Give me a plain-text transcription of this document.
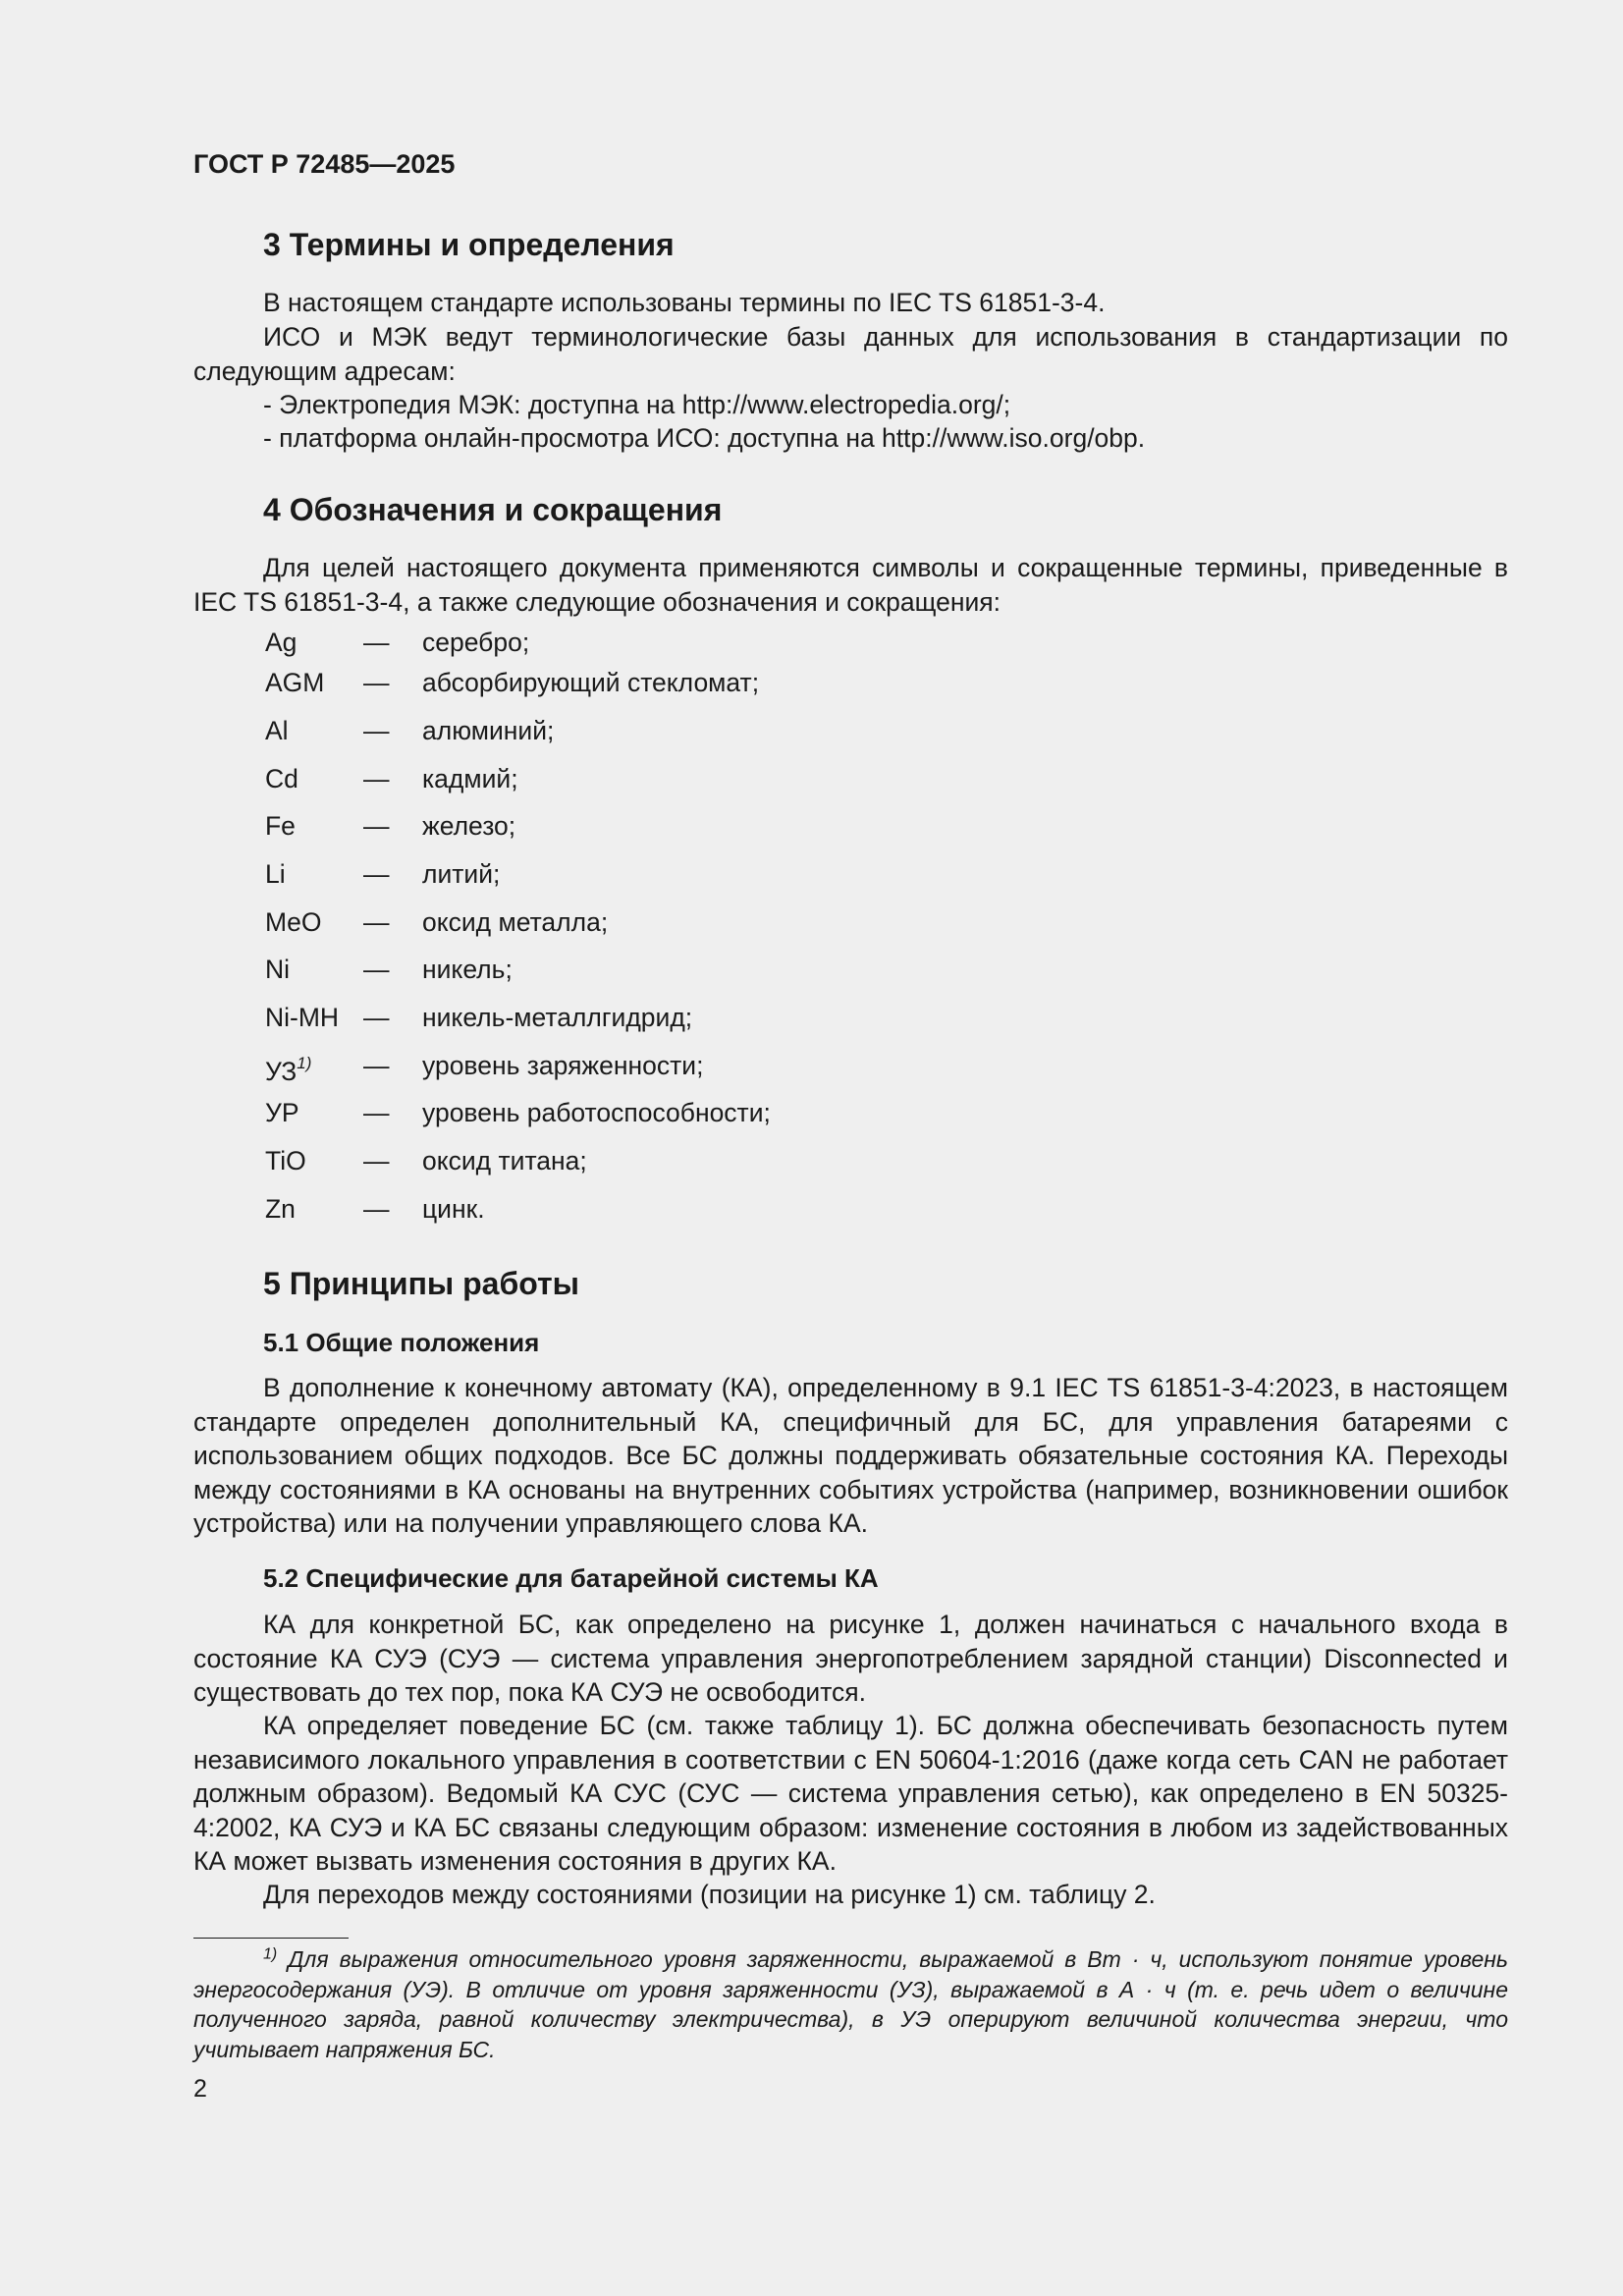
ГОСТ Р 72485—2025
3 Термины и определения

В настоящем стандарте использованы термины по IEC TS 61851-3-4.

ИСО и МЭК ведут терминологические базы данных для использования в стандартизации по следующим адресам:

- Электропедия МЭК: доступна на http://www.electropedia.org/;

- платформа онлайн-просмотра ИСО: доступна на http://www.iso.org/obp.

4 Обозначения и сокращения

Для целей настоящего документа применяются символы и сокращенные термины, приведенные в IEC TS 61851-3-4, а также следующие обозначения и сокращения:

Ag	— серебро;
AGM — абсорбирующий стекломат;
Al	— алюминий;
Cd — кадмий;
Fe	— железо;
Li	— литий;
MeO — оксид металла;
Ni	— никель;
Ni-MH — никель-металлгидрид;
УЗ$^{1)}$ — уровень заряженности;
УР — уровень работоспособности;
TiO — оксид титана;
Zn	— цинк.
5 Принципы работы
5.1 Общие положения

В дополнение к конечному автомату (КА), определенному в 9.1 IEC TS 61851-3-4:2023, в настоящем стандарте определен дополнительный КА, специфичный для БС, для управления батареями с использованием общих подходов. Все БС должны поддерживать обязательные состояния КА. Переходы между состояниями в КА основаны на внутренних событиях устройства (например, возникновении ошибок устройства) или на получении управляющего слова КА.

5.2 Специфические для батарейной системы КА

КА для конкретной БС, как определено на рисунке 1, должен начинаться с начального входа в состояние КА СУЭ (СУЭ — система управления энергопотреблением зарядной станции) Disconnected и существовать до тех пор, пока КА СУЭ не освободится.

КА определяет поведение БС (см. также таблицу 1). БС должна обеспечивать безопасность путем независимого локального управления в соответствии с EN 50604-1:2016 (даже когда сеть CAN не работает должным образом). Ведомый КА СУС (СУС — система управления сетью), как определено в EN 50325-4:2002, КА СУЭ и КА БС связаны следующим образом: изменение состояния в любом из задействованных КА может вызвать изменения состояния в других КА.

Для переходов между состояниями (позиции на рисунке 1) см. таблицу 2.

$^{1)}$ Для выражения относительного уровня заряженности, выражаемой в Вт · ч, используют понятие уровень энергосодержания (УЭ). В отличие от уровня заряженности (УЗ), выражаемой в А · ч (т. е. речь идет о величине полученного заряда, равной количеству электричества), в УЭ оперируют величиной количества энергии, что учитывает напряжения БС.

2
